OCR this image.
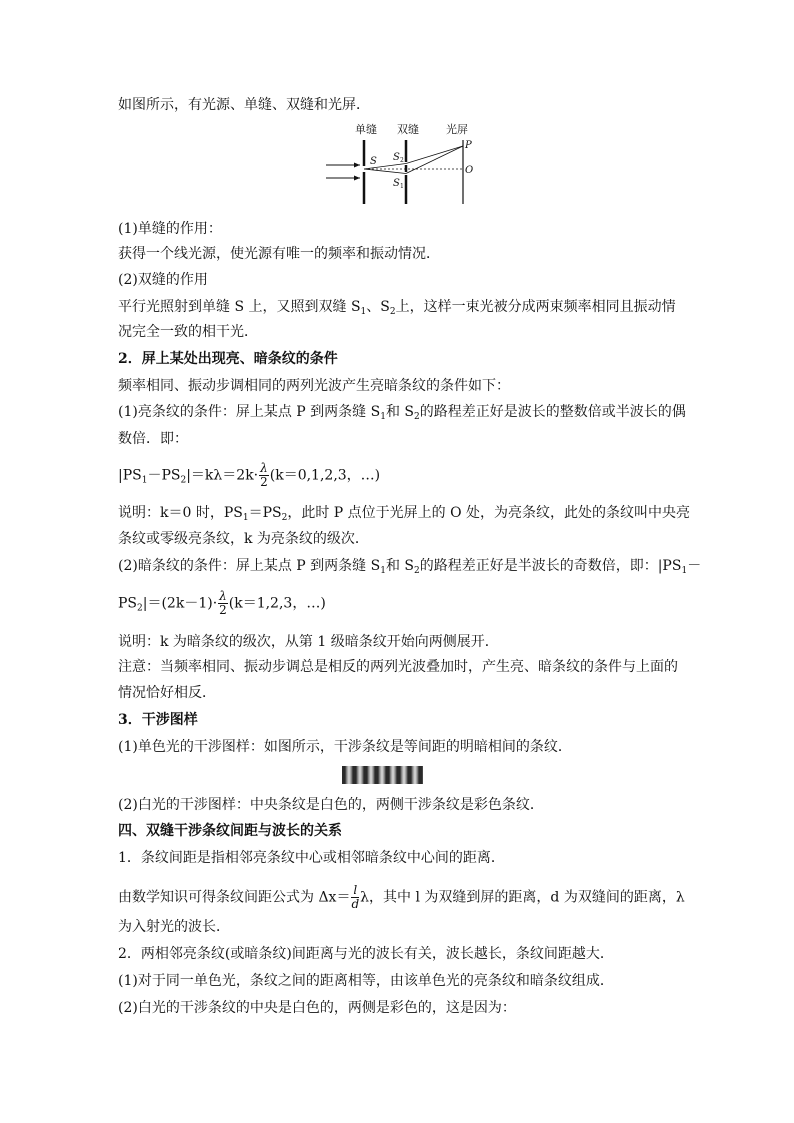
如图所示，有光源、单缝、双缝和光屏．
单缝 双缝 光屏
S S 2
S 1
P
O
(1)单缝的作用：
获得一个线光源，使光源有唯一的频率和振动情况．
(2)双缝的作用
平行光照射到单缝 S 上，又照到双缝 $S_1$、$S_2$上，这样一束光被分成两束频率相同且振动情
况完全一致的相干光．
2．屏上某处出现亮、暗条纹的条件
频率相同、振动步调相同的两列光波产生亮暗条纹的条件如下：
(1)亮条纹的条件：屏上某点 P 到两条缝 $S_1$和 $S_2$的路程差正好是波长的整数倍或半波长的偶
数倍．即：
$|PS_1-PS_2|=k\lambda=2k\cdot \frac{\lambda}{2} (k=0,1,2,3$，…)
说明：k＝0 时，$PS_1=PS_2$，此时 P 点位于光屏上的 O 处，为亮条纹，此处的条纹叫中央亮
条纹或零级亮条纹，k 为亮条纹的级次．
(2)暗条纹的条件：屏上某点 P 到两条缝 $S_1$和 $S_2$的路程差正好是半波长的奇数倍，即：$|PS_1-$
$PS_2|=(2k-1)\cdot \frac{\lambda}{2} (k=1,2,3$，…)
说明：k 为暗条纹的级次，从第 1 级暗条纹开始向两侧展开．
注意：当频率相同、振动步调总是相反的两列光波叠加时，产生亮、暗条纹的条件与上面的
情况恰好相反．
3．干涉图样
(1)单色光的干涉图样：如图所示，干涉条纹是等间距的明暗相间的条纹．
(2)白光的干涉图样：中央条纹是白色的，两侧干涉条纹是彩色条纹．
四、双缝干涉条纹间距与波长的关系
1．条纹间距是指相邻亮条纹中心或相邻暗条纹中心间的距离．
由数学知识可得条纹间距公式为 $\Delta x= \frac{l}{d}$ λ，其中 l 为双缝到屏的距离，d 为双缝间的距离，λ
为入射光的波长．
2．两相邻亮条纹(或暗条纹)间距离与光的波长有关，波长越长，条纹间距越大．
(1)对于同一单色光，条纹之间的距离相等，由该单色光的亮条纹和暗条纹组成．
(2)白光的干涉条纹的中央是白色的，两侧是彩色的，这是因为：
